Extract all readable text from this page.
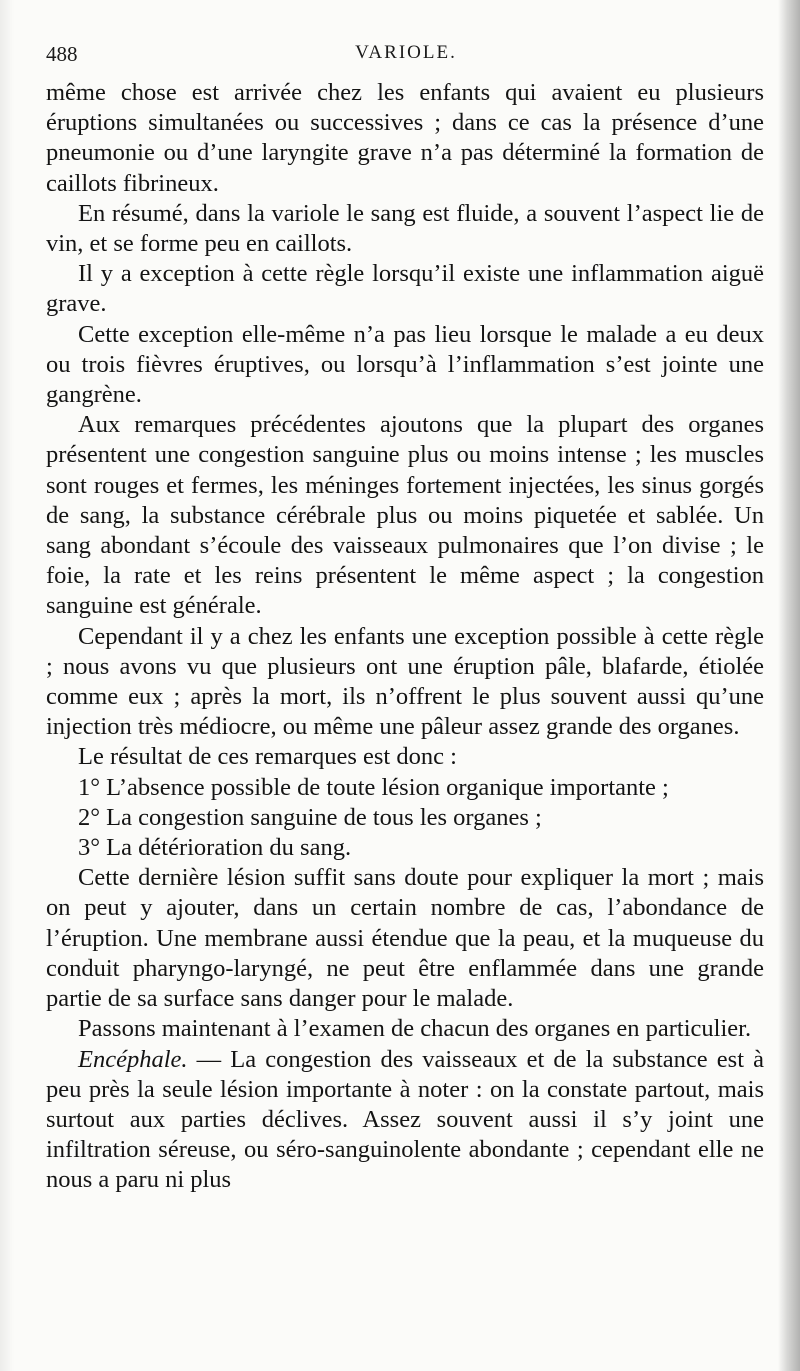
488	VARIOLE.

même chose est arrivée chez les enfants qui avaient eu plusieurs éruptions simultanées ou successives ; dans ce cas la présence d’une pneumonie ou d’une laryngite grave n’a pas déterminé la formation de caillots fibrineux.

En résumé, dans la variole le sang est fluide, a souvent l’aspect lie de vin, et se forme peu en caillots.

Il y a exception à cette règle lorsqu’il existe une inflammation aiguë grave.

Cette exception elle-même n’a pas lieu lorsque le malade a eu deux ou trois fièvres éruptives, ou lorsqu’à l’inflammation s’est jointe une gangrène.

Aux remarques précédentes ajoutons que la plupart des organes présentent une congestion sanguine plus ou moins intense ; les muscles sont rouges et fermes, les méninges fortement injectées, les sinus gorgés de sang, la substance cérébrale plus ou moins piquetée et sablée. Un sang abondant s’écoule des vaisseaux pulmonaires que l’on divise ; le foie, la rate et les reins présentent le même aspect ; la congestion sanguine est générale.

Cependant il y a chez les enfants une exception possible à cette règle ; nous avons vu que plusieurs ont une éruption pâle, blafarde, étiolée comme eux ; après la mort, ils n’offrent le plus souvent aussi qu’une injection très médiocre, ou même une pâleur assez grande des organes.

Le résultat de ces remarques est donc :

1° L’absence possible de toute lésion organique importante ;

2° La congestion sanguine de tous les organes ;

3° La détérioration du sang.

Cette dernière lésion suffit sans doute pour expliquer la mort ; mais on peut y ajouter, dans un certain nombre de cas, l’abondance de l’éruption. Une membrane aussi étendue que la peau, et la muqueuse du conduit pharyngo-laryngé, ne peut être enflammée dans une grande partie de sa surface sans danger pour le malade.

Passons maintenant à l’examen de chacun des organes en particulier.

Encéphale. — La congestion des vaisseaux et de la substance est à peu près la seule lésion importante à noter : on la constate partout, mais surtout aux parties déclives. Assez souvent aussi il s’y joint une infiltration séreuse, ou séro-sanguinolente abondante ; cependant elle ne nous a paru ni plus
